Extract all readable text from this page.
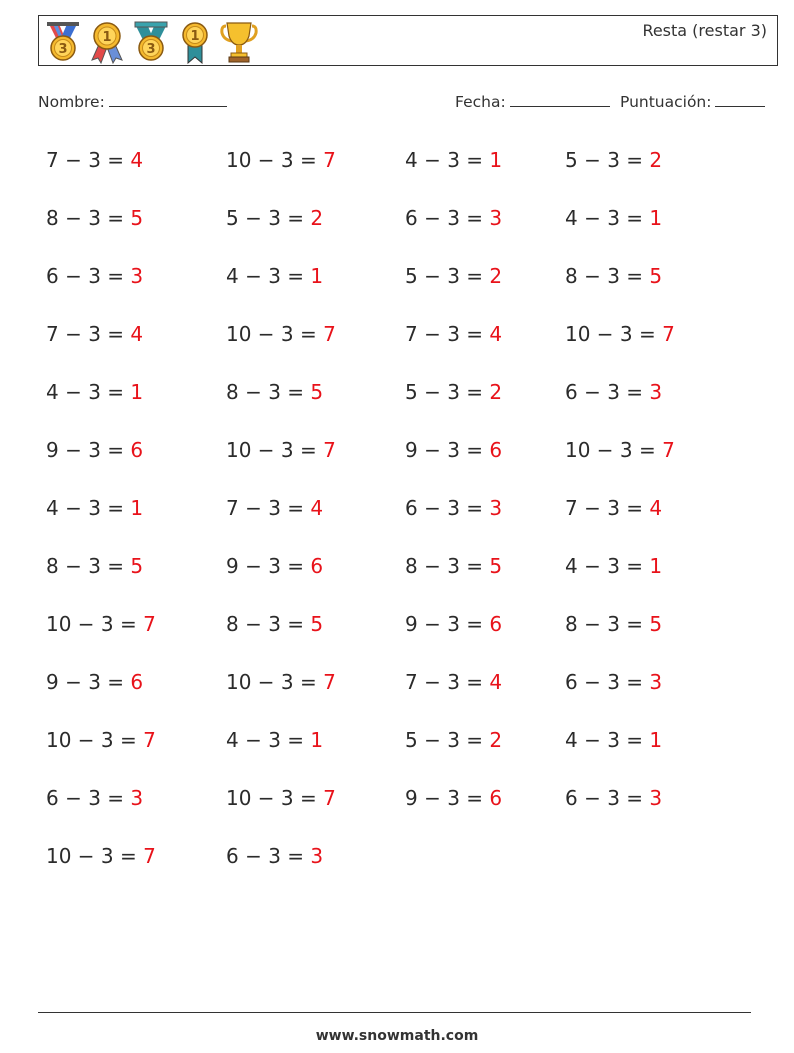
3
1
3
1	Resta (restar 3)
Nombre:	Fecha:	Puntuación:
7 − 3 = 4	10 − 3 = 7	4 − 3 = 1	5 − 3 = 2
8 − 3 = 5	5 − 3 = 2	6 − 3 = 3	4 − 3 = 1
6 − 3 = 3	4 − 3 = 1	5 − 3 = 2	8 − 3 = 5
7 − 3 = 4	10 − 3 = 7	7 − 3 = 4	10 − 3 = 7
4 − 3 = 1	8 − 3 = 5	5 − 3 = 2	6 − 3 = 3
9 − 3 = 6	10 − 3 = 7	9 − 3 = 6	10 − 3 = 7
4 − 3 = 1	7 − 3 = 4	6 − 3 = 3	7 − 3 = 4
8 − 3 = 5	9 − 3 = 6	8 − 3 = 5	4 − 3 = 1
10 − 3 = 7	8 − 3 = 5	9 − 3 = 6	8 − 3 = 5
9 − 3 = 6	10 − 3 = 7	7 − 3 = 4	6 − 3 = 3
10 − 3 = 7	4 − 3 = 1	5 − 3 = 2	4 − 3 = 1
6 − 3 = 3	10 − 3 = 7	9 − 3 = 6	6 − 3 = 3
10 − 3 = 7	6 − 3 = 3
www.snowmath.com
